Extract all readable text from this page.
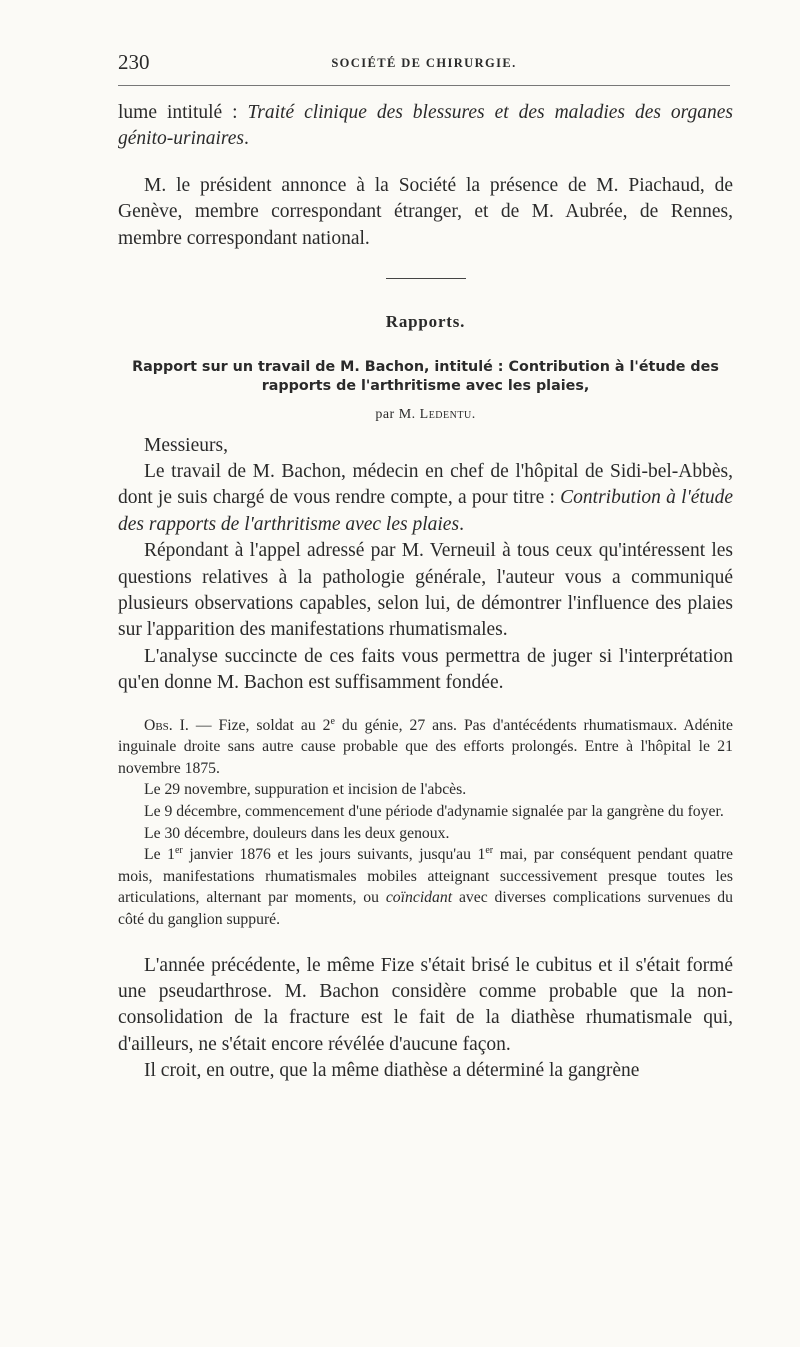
230	SOCIÉTÉ DE CHIRURGIE.

lume intitulé : Traité clinique des blessures et des maladies des organes génito-urinaires.

M. le président annonce à la Société la présence de M. Piachaud, de Genève, membre correspondant étranger, et de M. Aubrée, de Rennes, membre correspondant national.

Rapports.
Rapport sur un travail de M. Bachon, intitulé : Contribution à l'étude des rapports de l'arthritisme avec les plaies,
par M. Ledentu.
Messieurs,

Le travail de M. Bachon, médecin en chef de l'hôpital de Sidi-bel-Abbès, dont je suis chargé de vous rendre compte, a pour titre : Contribution à l'étude des rapports de l'arthritisme avec les plaies.

Répondant à l'appel adressé par M. Verneuil à tous ceux qu'intéressent les questions relatives à la pathologie générale, l'auteur vous a communiqué plusieurs observations capables, selon lui, de démontrer l'influence des plaies sur l'apparition des manifestations rhumatismales.

L'analyse succincte de ces faits vous permettra de juger si l'interprétation qu'en donne M. Bachon est suffisamment fondée.

Obs. I. — Fize, soldat au 2e du génie, 27 ans. Pas d'antécédents rhumatismaux. Adénite inguinale droite sans autre cause probable que des efforts prolongés. Entre à l'hôpital le 21 novembre 1875.

Le 29 novembre, suppuration et incision de l'abcès.

Le 9 décembre, commencement d'une période d'adynamie signalée par la gangrène du foyer.

Le 30 décembre, douleurs dans les deux genoux.

Le 1er janvier 1876 et les jours suivants, jusqu'au 1er mai, par conséquent pendant quatre mois, manifestations rhumatismales mobiles atteignant successivement presque toutes les articulations, alternant par moments, ou coïncidant avec diverses complications survenues du côté du ganglion suppuré.

L'année précédente, le même Fize s'était brisé le cubitus et il s'était formé une pseudarthrose. M. Bachon considère comme probable que la non-consolidation de la fracture est le fait de la diathèse rhumatismale qui, d'ailleurs, ne s'était encore révélée d'aucune façon.

Il croit, en outre, que la même diathèse a déterminé la gangrène
